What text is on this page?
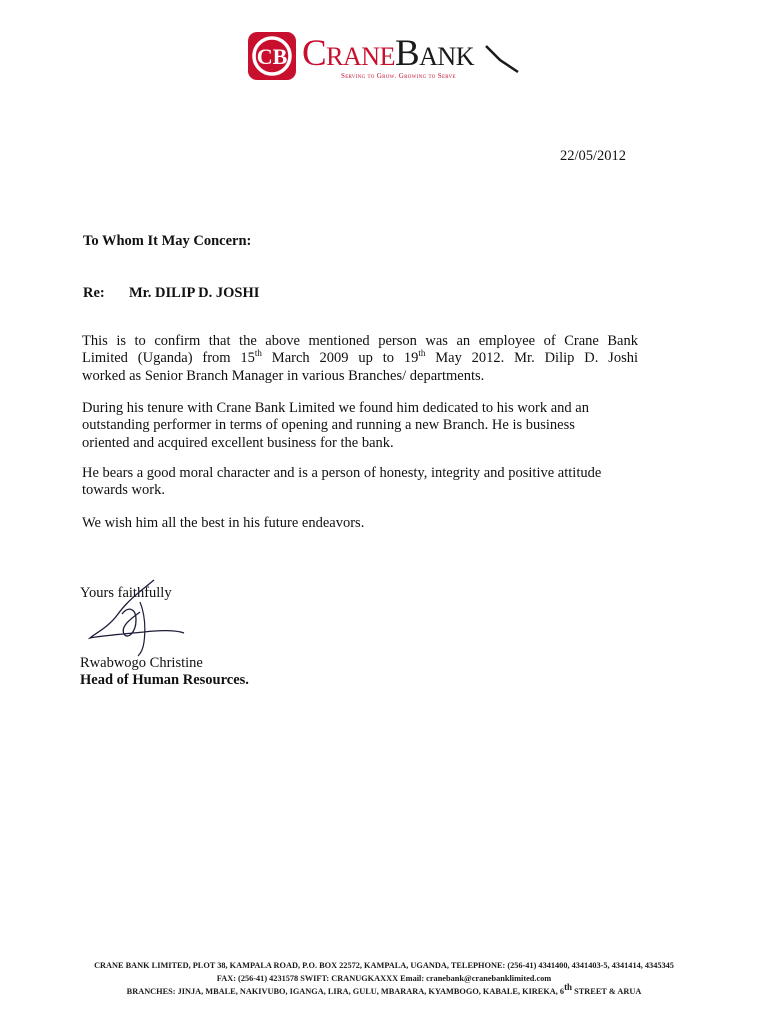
CB CraneBank
Serving to Grow. Growing to Serve
22/05/2012
To Whom It May Concern:
Re: Mr. DILIP D. JOSHI
This is to confirm that the above mentioned person was an employee of Crane Bank
Limited (Uganda) from 15th March 2009 up to 19th May 2012. Mr. Dilip D. Joshi
worked as Senior Branch Manager in various Branches/ departments.
During his tenure with Crane Bank Limited we found him dedicated to his work and an
outstanding performer in terms of opening and running a new Branch. He is business
oriented and acquired excellent business for the bank.
He bears a good moral character and is a person of honesty, integrity and positive attitude
towards work.
We wish him all the best in his future endeavors.
Yours faithfully
Rwabwogo Christine
Head of Human Resources.
CRANE BANK LIMITED, PLOT 38, KAMPALA ROAD, P.O. BOX 22572, KAMPALA, UGANDA, TELEPHONE: (256-41) 4341400, 4341403-5, 4341414, 4345345
FAX: (256-41) 4231578 SWIFT: CRANUGKAXXX Email: cranebank@cranebanklimited.com
BRANCHES: JINJA, MBALE, NAKIVUBO, IGANGA, LIRA, GULU, MBARARA, KYAMBOGO, KABALE, KIREKA, 6th STREET & ARUA
